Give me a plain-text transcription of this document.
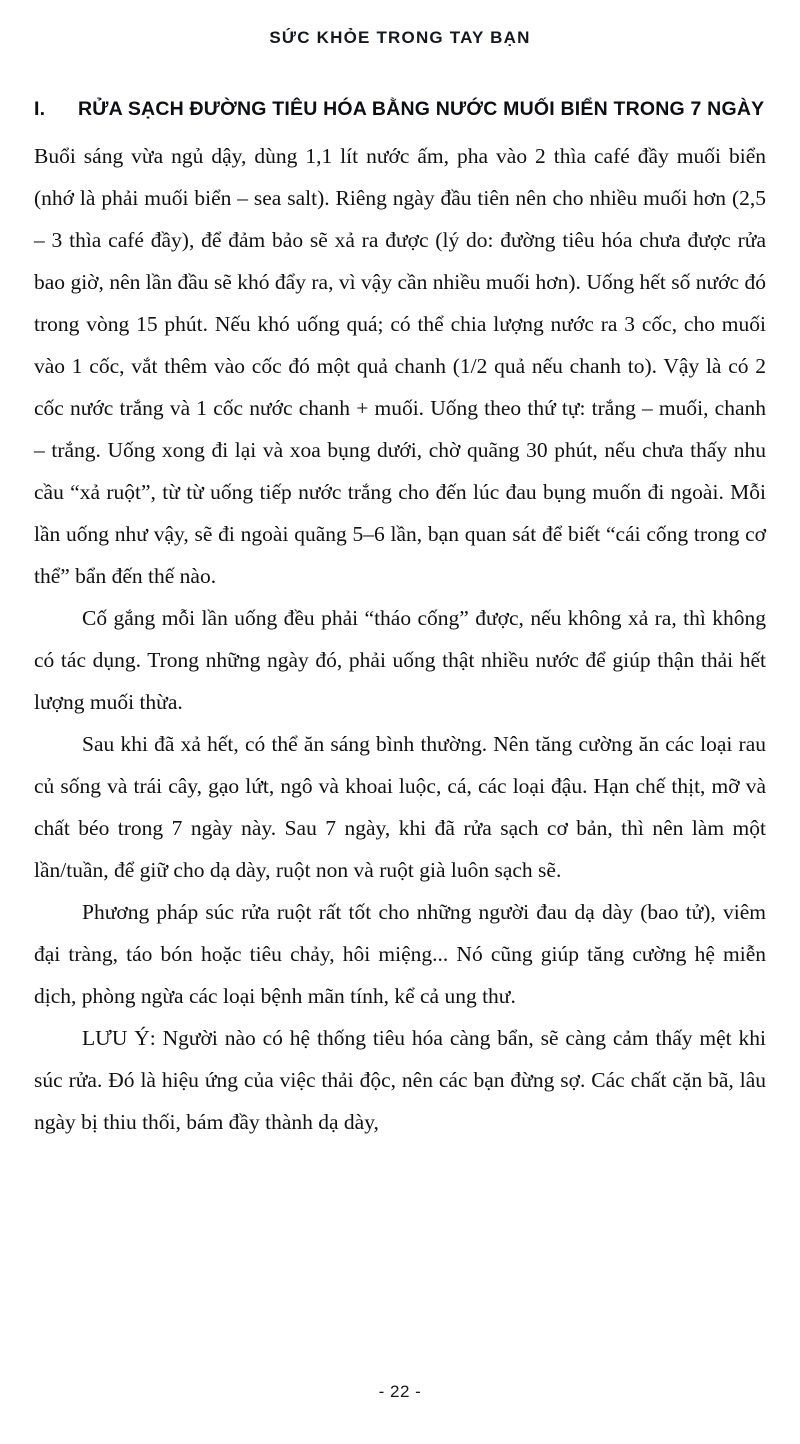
SỨC KHỎE TRONG TAY BẠN
I.	RỬA SẠCH ĐƯỜNG TIÊU HÓA BẰNG NƯỚC MUỐI BIỂN TRONG 7 NGÀY

Buổi sáng vừa ngủ dậy, dùng 1,1 lít nước ấm, pha vào 2 thìa café đầy muối biển (nhớ là phải muối biển – sea salt). Riêng ngày đầu tiên nên cho nhiều muối hơn (2,5 – 3 thìa café đầy), để đảm bảo sẽ xả ra được (lý do: đường tiêu hóa chưa được rửa bao giờ, nên lần đầu sẽ khó đẩy ra, vì vậy cần nhiều muối hơn). Uống hết số nước đó trong vòng 15 phút. Nếu khó uống quá; có thể chia lượng nước ra 3 cốc, cho muối vào 1 cốc, vắt thêm vào cốc đó một quả chanh (1/2 quả nếu chanh to). Vậy là có 2 cốc nước trắng và 1 cốc nước chanh + muối. Uống theo thứ tự: trắng – muối, chanh – trắng. Uống xong đi lại và xoa bụng dưới, chờ quãng 30 phút, nếu chưa thấy nhu cầu “xả ruột”, từ từ uống tiếp nước trắng cho đến lúc đau bụng muốn đi ngoài. Mỗi lần uống như vậy, sẽ đi ngoài quãng 5–6 lần, bạn quan sát để biết “cái cống trong cơ thể” bẩn đến thế nào.

Cố gắng mỗi lần uống đều phải “tháo cống” được, nếu không xả ra, thì không có tác dụng. Trong những ngày đó, phải uống thật nhiều nước để giúp thận thải hết lượng muối thừa.

Sau khi đã xả hết, có thể ăn sáng bình thường. Nên tăng cường ăn các loại rau củ sống và trái cây, gạo lứt, ngô và khoai luộc, cá, các loại đậu. Hạn chế thịt, mỡ và chất béo trong 7 ngày này. Sau 7 ngày, khi đã rửa sạch cơ bản, thì nên làm một lần/tuần, để giữ cho dạ dày, ruột non và ruột già luôn sạch sẽ.

Phương pháp súc rửa ruột rất tốt cho những người đau dạ dày (bao tử), viêm đại tràng, táo bón hoặc tiêu chảy, hôi miệng... Nó cũng giúp tăng cường hệ miễn dịch, phòng ngừa các loại bệnh mãn tính, kể cả ung thư.

LƯU Ý: Người nào có hệ thống tiêu hóa càng bẩn, sẽ càng cảm thấy mệt khi súc rửa. Đó là hiệu ứng của việc thải độc, nên các bạn đừng sợ. Các chất cặn bã, lâu ngày bị thiu thối, bám đầy thành dạ dày,

- 22 -
